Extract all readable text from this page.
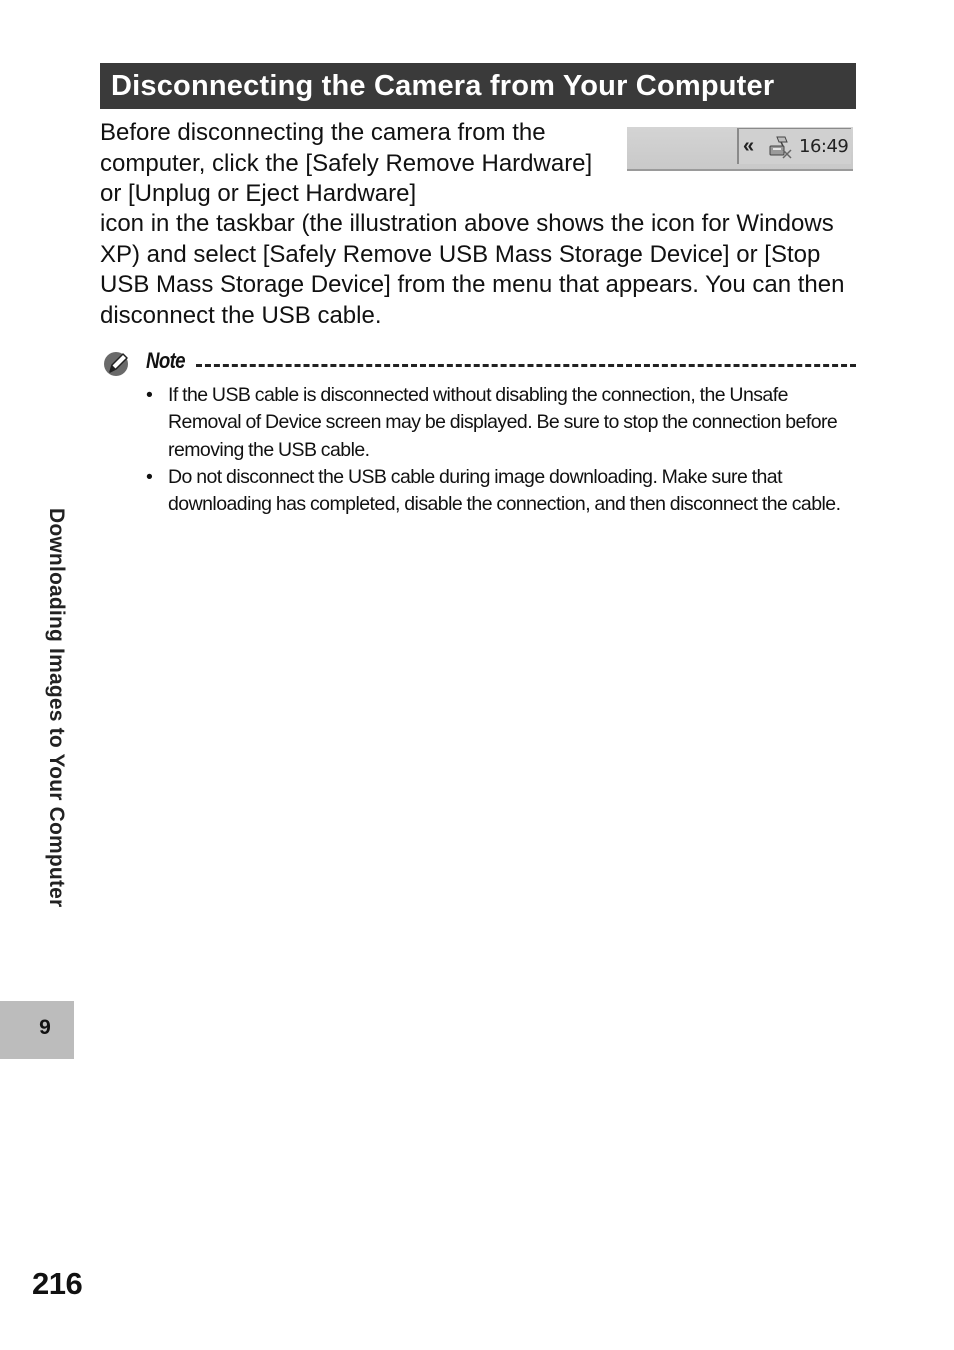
Disconnecting the Camera from Your Computer
« 16:49

Before disconnecting the camera from the computer, click the [Safely Remove Hardware] or [Unplug or Eject Hardware]

icon in the taskbar (the illustration above shows the icon for Windows XP) and select [Safely Remove USB Mass Storage Device] or [Stop USB Mass Storage Device] from the menu that appears. You can then disconnect the USB cable.

Note
• If the USB cable is disconnected without disabling the connection, the Unsafe Removal of Device screen may be displayed. Be sure to stop the connection before removing the USB cable.
• Do not disconnect the USB cable during image downloading. Make sure that downloading has completed, disable the connection, and then disconnect the cable.
Downloading Images to Your Computer
9
216
